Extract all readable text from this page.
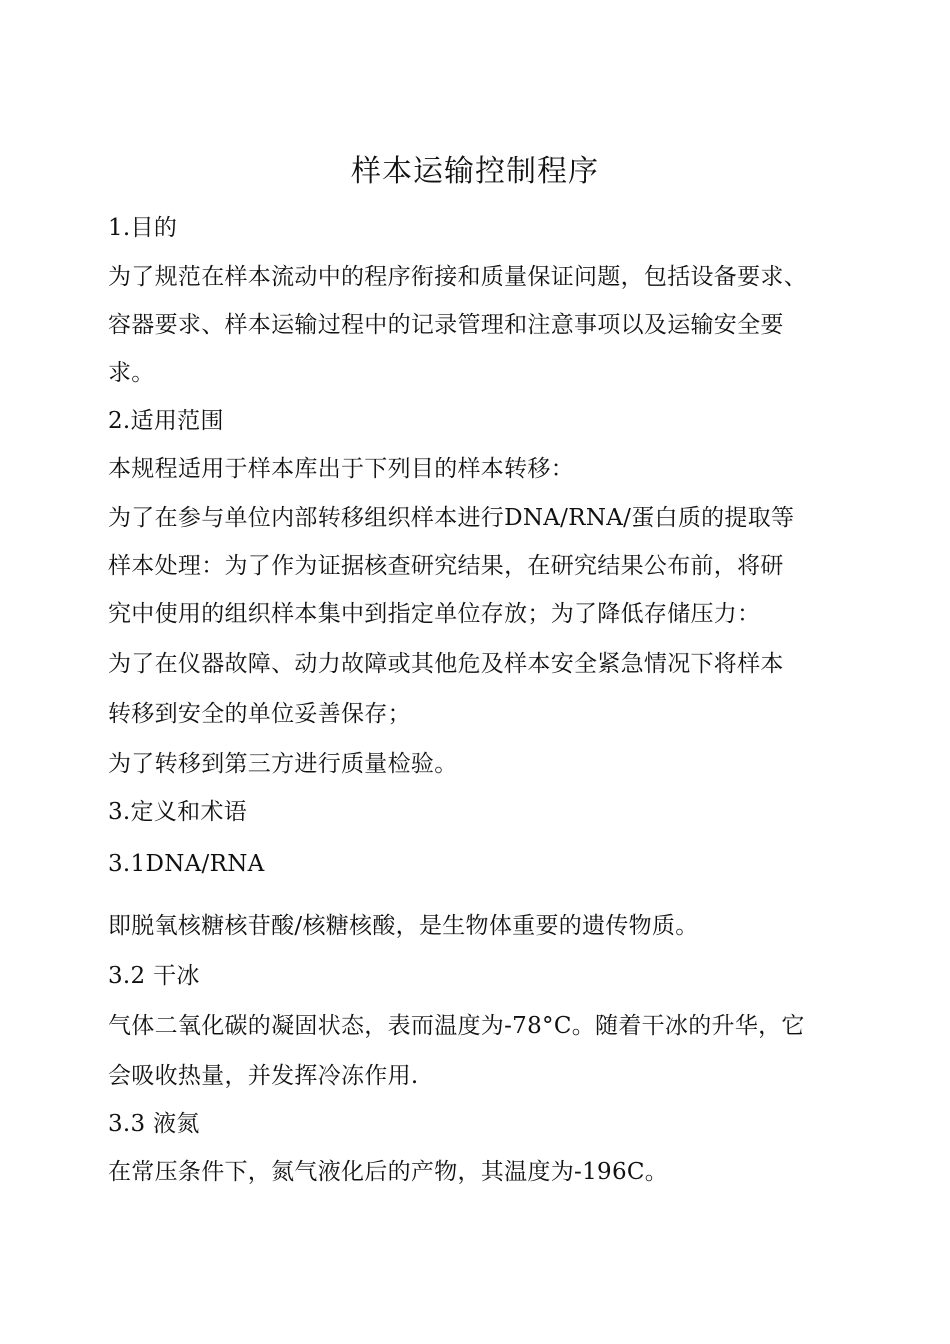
样本运输控制程序
1.目的
为了规范在样本流动中的程序衔接和质量保证问题，包括设备要求、
容器要求、样本运输过程中的记录管理和注意事项以及运输安全要
求。
2.适用范围
本规程适用于样本库出于下列目的样本转移：
为了在参与单位内部转移组织样本进行DNA/RNA/蛋白质的提取等
样本处理：为了作为证据核查研究结果，在研究结果公布前，将研
究中使用的组织样本集中到指定单位存放；为了降低存储压力：
为了在仪器故障、动力故障或其他危及样本安全紧急情况下将样本
转移到安全的单位妥善保存；
为了转移到第三方进行质量检验。
3.定义和术语
3.1DNA/RNA
即脱氧核糖核苷酸/核糖核酸，是生物体重要的遗传物质。
3.2 干冰
气体二氧化碳的凝固状态，表而温度为-78°C。随着干冰的升华，它
会吸收热量，并发挥冷冻作用.
3.3 液氮
在常压条件下，氮气液化后的产物，其温度为-196C。
